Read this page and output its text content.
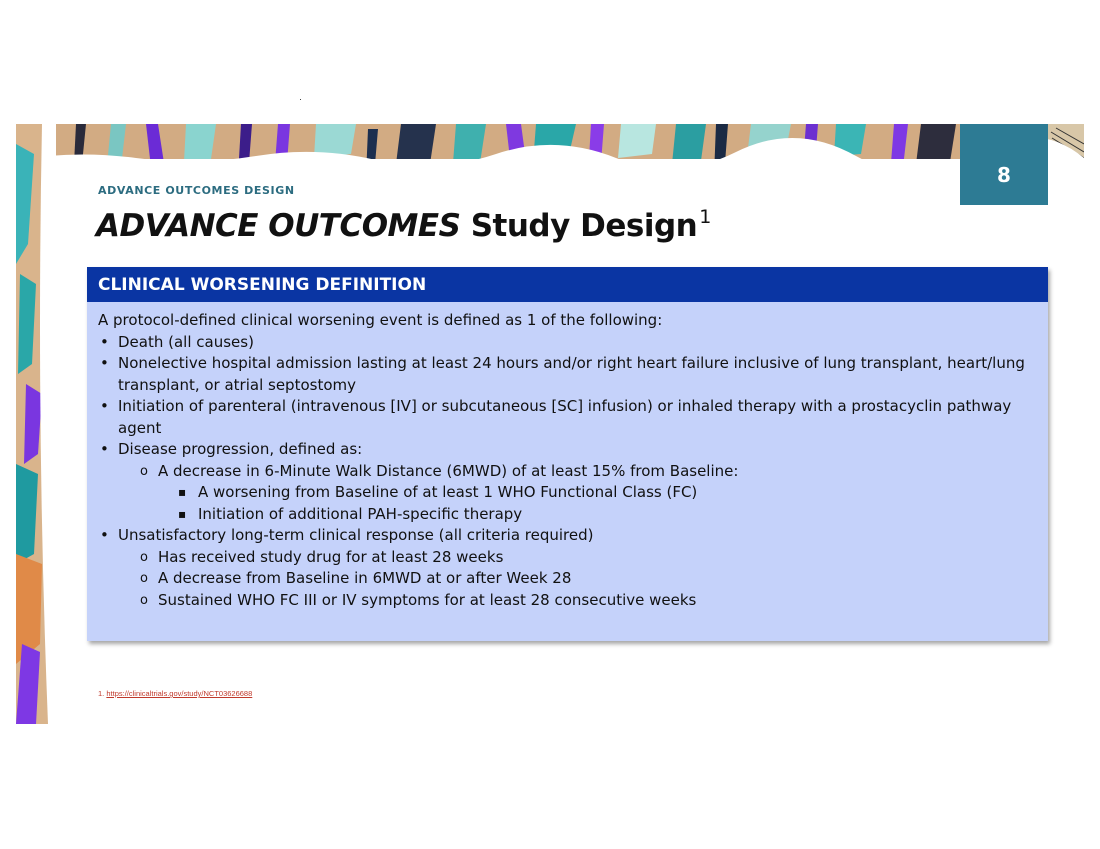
8
ADVANCE OUTCOMES DESIGN
ADVANCE OUTCOMES Study Design $^1$
CLINICAL WORSENING DEFINITION
A protocol-defined clinical worsening event is defined as 1 of the following:
• Death (all causes)
• Nonelective hospital admission lasting at least 24 hours and/or right heart failure inclusive of lung transplant, heart/lung transplant, or atrial septostomy
• Initiation of parenteral (intravenous [IV] or subcutaneous [SC] infusion) or inhaled therapy with a prostacyclin pathway agent
• Disease progression, defined as:
o A decrease in 6-Minute Walk Distance (6MWD) of at least 15% from Baseline:
▪ A worsening from Baseline of at least 1 WHO Functional Class (FC)
▪ Initiation of additional PAH-specific therapy
• Unsatisfactory long-term clinical response (all criteria required)
o Has received study drug for at least 28 weeks
o A decrease from Baseline in 6MWD at or after Week 28
o Sustained WHO FC III or IV symptoms for at least 28 consecutive weeks
1. https://clinicaltrials.gov/study/NCT03626688
